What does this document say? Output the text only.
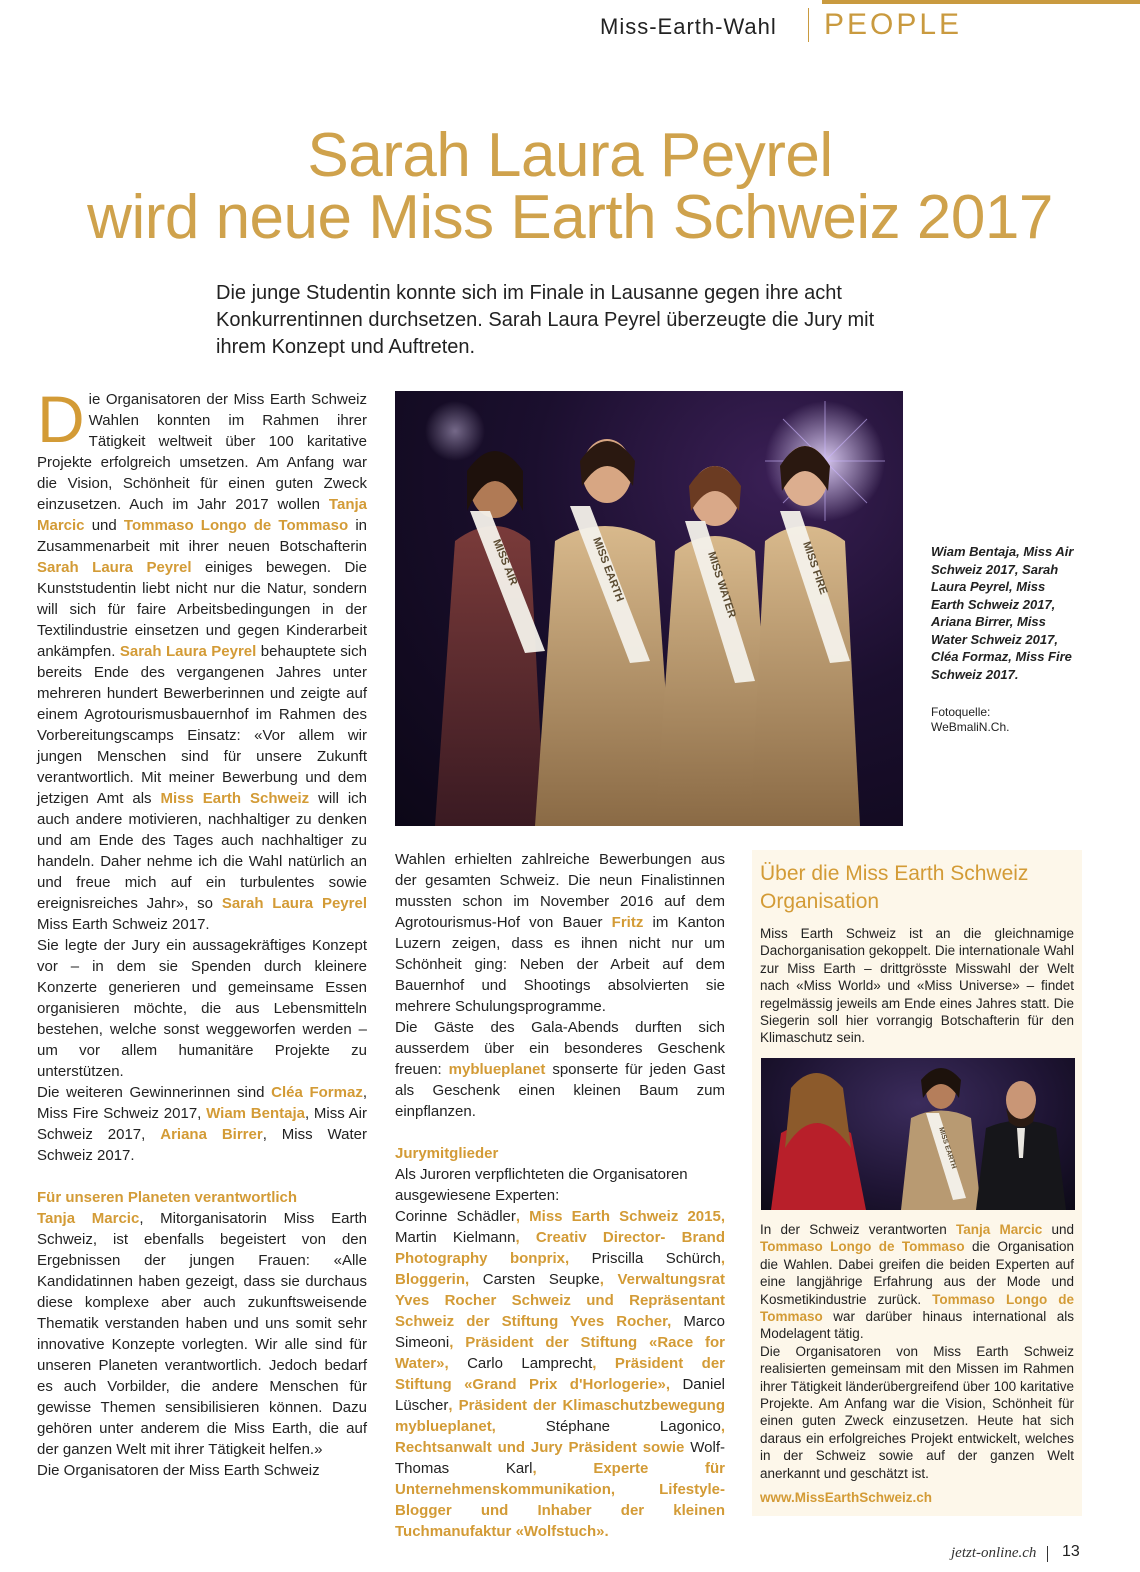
Miss-Earth-Wahl PEOPLE
Sarah Laura Peyrel
wird neue Miss Earth Schweiz 2017
Die junge Studentin konnte sich im Finale in Lausanne gegen ihre acht Konkurrentinnen durchsetzen. Sarah Laura Peyrel überzeugte die Jury mit ihrem Konzept und Auftreten.

Die Organisatoren der Miss Earth Schweiz Wahlen konnten im Rahmen ihrer Tätigkeit weltweit über 100 karitative Projekte erfolgreich umsetzen. Am Anfang war die Vision, Schönheit für einen guten Zweck einzusetzen. Auch im Jahr 2017 wollen Tanja Marcic und Tommaso Longo de Tommaso in Zusammenarbeit mit ihrer neuen Botschafterin Sarah Laura Peyrel einiges bewegen. Die Kunststudentin liebt nicht nur die Natur, sondern will sich für faire Arbeitsbedingungen in der Textilindustrie einsetzen und gegen Kinderarbeit ankämpfen. Sarah Laura Peyrel behauptete sich bereits Ende des vergangenen Jahres unter mehreren hundert Bewerberinnen und zeigte auf einem Agrotourismusbauernhof im Rahmen des Vorbereitungscamps Einsatz: «Vor allem wir jungen Menschen sind für unsere Zukunft verantwortlich. Mit meiner Bewerbung und dem jetzigen Amt als Miss Earth Schweiz will ich auch andere motivieren, nachhaltiger zu denken und am Ende des Tages auch nachhaltiger zu handeln. Daher nehme ich die Wahl natürlich an und freue mich auf ein turbulentes sowie ereignisreiches Jahr», so Sarah Laura Peyrel Miss Earth Schweiz 2017.

Sie legte der Jury ein aussagekräftiges Konzept vor – in dem sie Spenden durch kleinere Konzerte generieren und gemeinsame Essen organisieren möchte, die aus Lebensmitteln bestehen, welche sonst weggeworfen werden – um vor allem humanitäre Projekte zu unterstützen.

Die weiteren Gewinnerinnen sind Cléa Formaz, Miss Fire Schweiz 2017, Wiam Bentaja, Miss Air Schweiz 2017, Ariana Birrer, Miss Water Schweiz 2017.

Für unseren Planeten verantwortlich

Tanja Marcic, Mitorganisatorin Miss Earth Schweiz, ist ebenfalls begeistert von den Ergebnissen der jungen Frauen: «Alle Kandidatinnen haben gezeigt, dass sie durchaus diese komplexe aber auch zukunftsweisende Thematik verstanden haben und uns somit sehr innovative Konzepte vorlegten. Wir alle sind für unseren Planeten verantwortlich. Jedoch bedarf es auch Vorbilder, die andere Menschen für gewisse Themen sensibilisieren können. Dazu gehören unter anderem die Miss Earth, die auf der ganzen Welt mit ihrer Tätigkeit helfen.»

Die Organisatoren der Miss Earth Schweiz

MISS AIR	MISS EARTH	MISS WATER	MISS FIRE	Wiam Bentaja, Miss Air Schweiz 2017, Sarah Laura Peyrel, Miss Earth Schweiz 2017, Ariana Birrer, Miss Water Schweiz 2017, Cléa Formaz, Miss Fire Schweiz 2017.
Fotoquelle:
WeBmaliN.Ch.

Wahlen erhielten zahlreiche Bewerbungen aus der gesamten Schweiz. Die neun Finalistinnen mussten schon im November 2016 auf dem Agrotourismus-Hof von Bauer Fritz im Kanton Luzern zeigen, dass es ihnen nicht nur um Schönheit ging: Neben der Arbeit auf dem Bauernhof und Shootings absolvierten sie mehrere Schulungsprogramme.

Die Gäste des Gala-Abends durften sich ausserdem über ein besonderes Geschenk freuen: myblueplanet sponserte für jeden Gast als Geschenk einen kleinen Baum zum einpflanzen.

Jurymitglieder

Als Juroren verpflichteten die Organisatoren ausgewiesene Experten:

Corinne Schädler, Miss Earth Schweiz 2015, Martin Kielmann, Creativ Director- Brand Photography bonprix, Priscilla Schürch, Bloggerin, Carsten Seupke, Verwaltungsrat Yves Rocher Schweiz und Repräsentant Schweiz der Stiftung Yves Rocher, Marco Simeoni, Präsident der Stiftung «Race for Water», Carlo Lamprecht, Präsident der Stiftung «Grand Prix d'Horlogerie», Daniel Lüscher, Präsident der Klimaschutzbewegung myblueplanet, Stéphane Lagonico, Rechtsanwalt und Jury Präsident sowie Wolf-Thomas Karl, Experte für Unternehmenskommunikation, Lifestyle-Blogger und Inhaber der kleinen Tuchmanufaktur «Wolfstuch».

Über die Miss Earth Schweiz Organisation
Miss Earth Schweiz ist an die gleichnamige Dachorganisation gekoppelt. Die internationale Wahl zur Miss Earth – drittgrösste Misswahl der Welt nach «Miss World» und «Miss Universe» – findet regelmässig jeweils am Ende eines Jahres statt. Die Siegerin soll hier vorrangig Botschafterin für den Klimaschutz sein.
MISS EARTH
In der Schweiz verantworten Tanja Marcic und Tommaso Longo de Tommaso die Organisation die Wahlen. Dabei greifen die beiden Experten auf eine langjährige Erfahrung aus der Mode und Kosmetikindustrie zurück. Tommaso Longo de Tommaso war darüber hinaus international als Modelagent tätig.
Die Organisatoren von Miss Earth Schweiz realisierten gemeinsam mit den Missen im Rahmen ihrer Tätigkeit länderübergreifend über 100 karitative Projekte. Am Anfang war die Vision, Schönheit für einen guten Zweck einzusetzen. Heute hat sich daraus ein erfolgreiches Projekt entwickelt, welches in der Schweiz sowie auf der ganzen Welt anerkannt und geschätzt ist.
www.MissEarthSchweiz.ch
jetzt-online.ch 13
